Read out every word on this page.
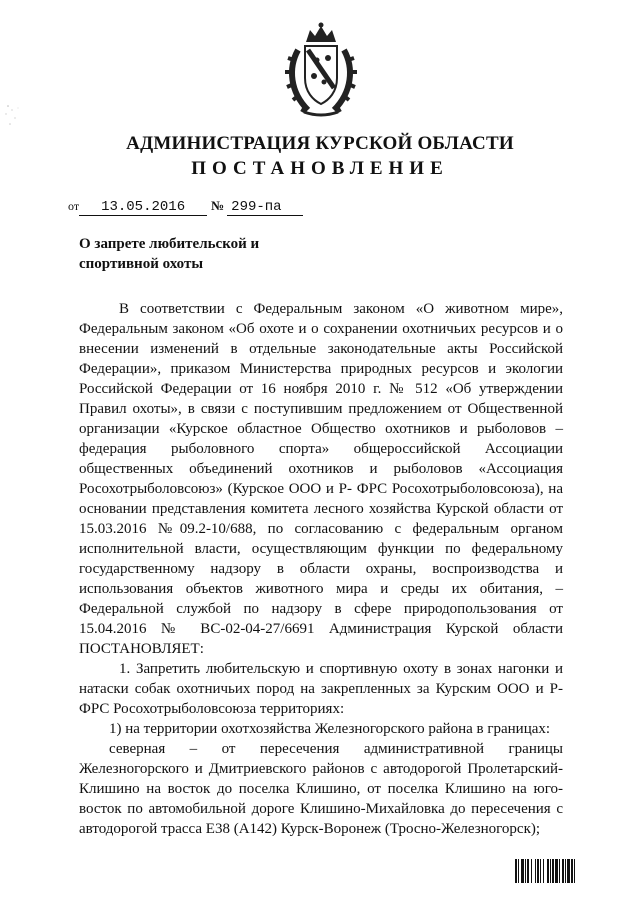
АДМИНИСТРАЦИЯ КУРСКОЙ ОБЛАСТИ
ПОСТАНОВЛЕНИЕ
от 13.05.2016 № 299-па
О запрете любительской и
спортивной охоты

В соответствии с Федеральным законом «О животном мире», Федеральным законом «Об охоте и о сохранении охотничьих ресурсов и о внесении изменений в отдельные законодательные акты Российской Федерации», приказом Министерства природных ресурсов и экологии Российской Федерации от 16 ноября 2010 г. № 512 «Об утверждении Правил охоты», в связи с поступившим предложением от Общественной организации «Курское областное Общество охотников и рыболовов – федерация рыболовного спорта» общероссийской Ассоциации общественных объединений охотников и рыболовов «Ассоциация Росохотрыболовсоюз» (Курское ООО и Р- ФРС Росохотрыболовсоюза), на основании представления комитета лесного хозяйства Курской области от 15.03.2016 №09.2-10/688, по согласованию с федеральным органом исполнительной власти, осуществляющим функции по федеральному государственному надзору в области охраны, воспроизводства и использования объектов животного мира и среды их обитания, – Федеральной службой по надзору в сфере природопользования от 15.04.2016 № ВС-02-04-27/6691 Администрация Курской области ПОСТАНОВЛЯЕТ:

1. Запретить любительскую и спортивную охоту в зонах нагонки и натаски собак охотничьих пород на закрепленных за Курским ООО и Р-ФРС Росохотрыболовсоюза территориях:

1) на территории охотхозяйства Железногорского района в границах:

северная – от пересечения административной границы Железногорского и Дмитриевского районов с автодорогой Пролетарский-Клишино на восток до поселка Клишино, от поселка Клишино на юго-восток по автомобильной дороге Клишино-Михайловка до пересечения с автодорогой трасса Е38 (А142) Курск-Воронеж (Тросно-Железногорск);
